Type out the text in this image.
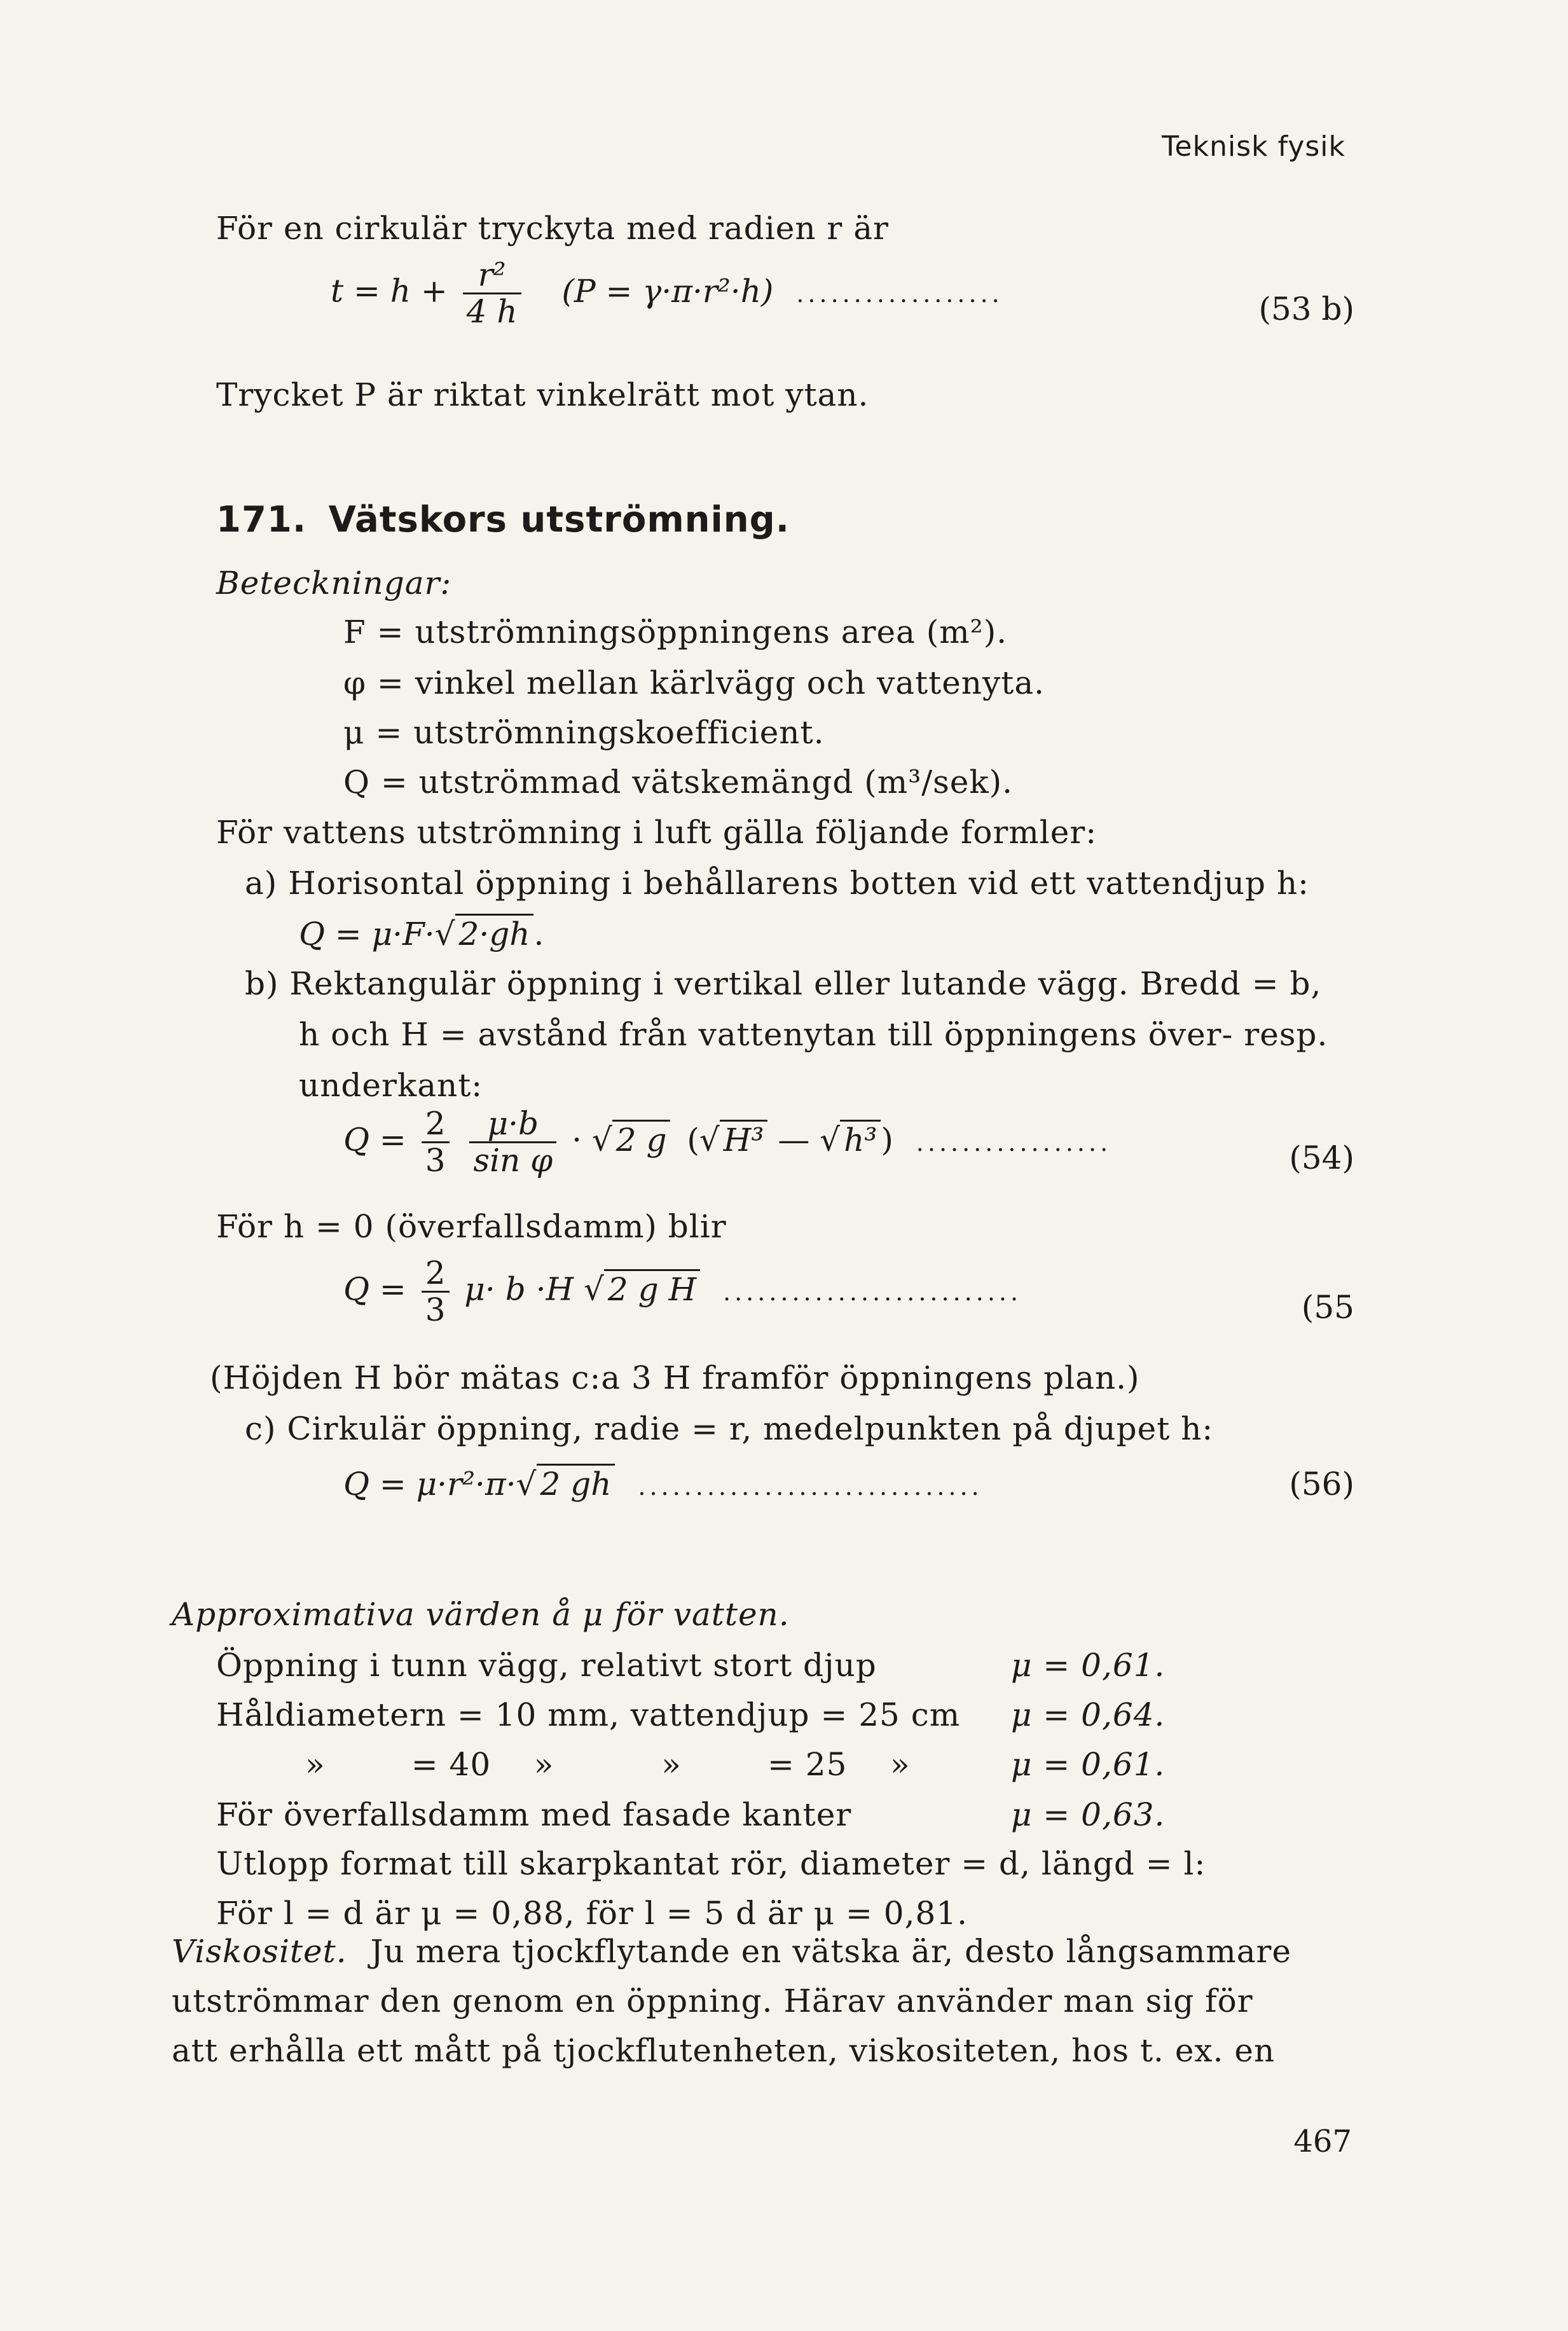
Teknisk fysik
För en cirkulär tryckyta med radien r är
$t = h + \frac{\text{r²}}{4 h} (P = \gamma\cdot\pi\cdot r^2\cdot h)$ ..................	(53 b)
Trycket P är riktat vinkelrätt mot ytan.
171. Vätskors utströmning.
Beteckningar:
F = utströmningsöppningens area (m²).
φ = vinkel mellan kärlvägg och vattenyta.
μ = utströmningskoefficient.
Q = utströmmad vätskemängd (m³/sek).
För vattens utströmning i luft gälla följande formler:
a) Horisontal öppning i behållarens botten vid ett vattendjup h:
Q = μ·F·√ 2·gh .
b) Rektangulär öppning i vertikal eller lutande vägg. Bredd = b,
h och H = avstånd från vattenytan till öppningens över- resp.
underkant:
$Q = \frac{2}{3}$
$\frac{\mu\cdot b}{\text{sin φ}}$ · √ 2 g (√ H³ — √ h³ ) .................	(54)
För h = 0 (överfallsdamm) blir
$Q = \frac{2}{3} \mu\cdot b \cdot H$ √ 2 g H ..........................	(55
(Höjden H bör mätas c:a 3 H framför öppningens plan.)
c) Cirkulär öppning, radie = r, medelpunkten på djupet h:
Q = μ·r²·π·√ 2 gh ..............................	(56)
Approximativa värden å μ för vatten.
Öppning i tunn vägg, relativt stort djup	μ = 0,61.
Håldiametern = 10 mm, vattendjup = 25 cm μ = 0,64.
»        = 40    »          »        = 25    »	μ = 0,61.
För överfallsdamm med fasade kanter	μ = 0,63.
Utlopp format till skarpkantat rör, diameter = d, längd = l:
För l = d är μ = 0,88, för l = 5 d är μ = 0,81.
Viskositet. Ju mera tjockflytande en vätska är, desto långsammare
utströmmar den genom en öppning. Härav använder man sig för
att erhålla ett mått på tjockflutenheten, viskositeten, hos t. ex. en
467
